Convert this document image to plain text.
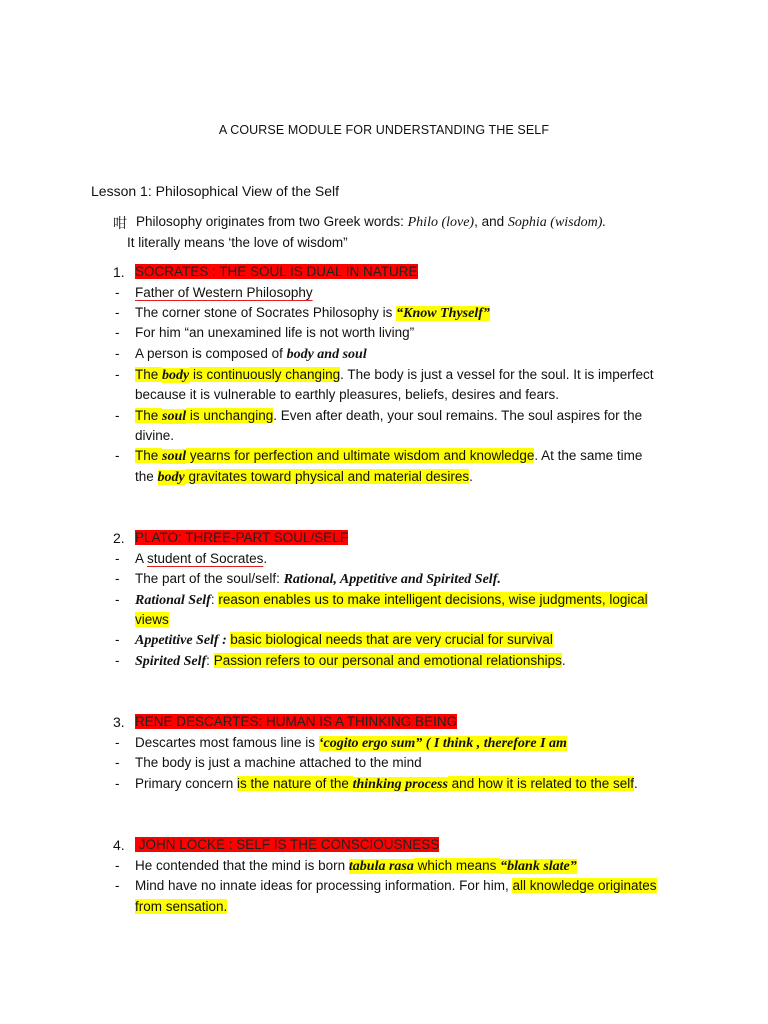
A COURSE MODULE FOR UNDERSTANDING THE SELF
Lesson 1: Philosophical View of the Self
咁 Philosophy originates from two Greek words: Philo (love), and Sophia (wisdom).
It literally means ‘the love of wisdom”
1. SOCRATES : THE SOUL IS DUAL IN NATURE
- Father of Western Philosophy
- The corner stone of Socrates Philosophy is “Know Thyself”
- For him “an unexamined life is not worth living”
- A person is composed of body and soul
- The body is continuously changing. The body is just a vessel for the soul. It is imperfect
because it is vulnerable to earthly pleasures, beliefs, desires and fears.
- The soul is unchanging. Even after death, your soul remains. The soul aspires for the
divine.
- The soul yearns for perfection and ultimate wisdom and knowledge. At the same time
the body gravitates toward physical and material desires.
2. PLATO: THREE-PART SOUL/SELF
- A student of Socrates.
- The part of the soul/self: Rational, Appetitive and Spirited Self.
- Rational Self: reason enables us to make intelligent decisions, wise judgments, logical
views
- Appetitive Self : basic biological needs that are very crucial for survival
- Spirited Self: Passion refers to our personal and emotional relationships.
3. RENE DESCARTES: HUMAN IS A THINKING BEING
- Descartes most famous line is ‘cogito ergo sum” ( I think , therefore I am
- The body is just a machine attached to the mind
- Primary concern is the nature of the thinking process and how it is related to the self.
4. JOHN LOCKE : SELF IS THE CONSCIOUSNESS
- He contended that the mind is born tabula rasa which means “blank slate”
- Mind have no innate ideas for processing information. For him, all knowledge originates
from sensation.
